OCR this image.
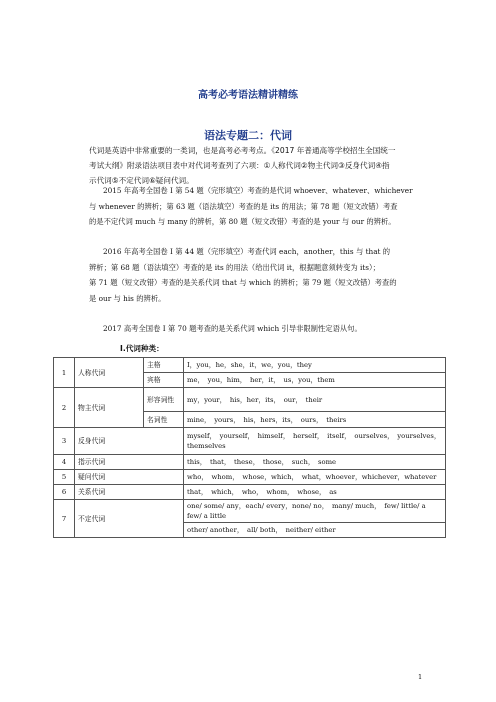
高考必考语法精讲精练
语法专题二：代词
代词是英语中非常重要的一类词，也是高考必考考点。《2017 年普通高等学校招生全国统一
考试大纲》附录语法项目表中对代词考查列了六项：①人称代词②物主代词③反身代词④指
示代词⑤不定代词⑥疑问代词。
2015 年高考全国卷 I 第 54 题（完形填空）考查的是代词 whoever、whatever、whichever
与 whenever 的辨析；第 63 题（语法填空）考查的是 its 的用法；第 78 题（短文改错）考查
的是不定代词 much 与 many 的辨析，第 80 题（短文改错）考查的是 your 与 our 的辨析。
2016 年高考全国卷 I 第 44 题（完形填空）考查代词 each，another，this 与 that 的
辨析；第 68 题（语法填空）考查的是 its 的用法（给出代词 it，根据题意须转变为 its）；
第 71 题（短文改错）考查的是关系代词 that 与 which 的辨析；第 79 题（短文改错）考查的
是 our 与 his 的辨析。
2017 高考全国卷 I 第 70 题考查的是关系代词 which 引导非限制性定语从句。
I.代词种类：
1	人称代词	主格	I，you，he，she，it，we，you，they
		宾格	me，　you，him，　her，it，　us，you，them
2	物主代词	形容词性	my，your，　his，her，its，　our，　their
		名词性	mine，　yours，　his，hers，its，　ours，　theirs
3	反身代词		myself，　yourself，　himself，　herself，　itself，　ourselves，　yourselves，　themselves
4	指示代词		this，　that，　these，　those，　such，　some
5	疑问代词		who，　whom，　whose，which，　what，whoever，whichever，whatever
6	关系代词		that，　which，　who，　whom，　whose，　as
7	不定代词		one/ some/ any，each/ every，none/ no，　many/ much，　few/ little/ a few/ a little
			other/ another，　all/ both，　neither/ either
1
